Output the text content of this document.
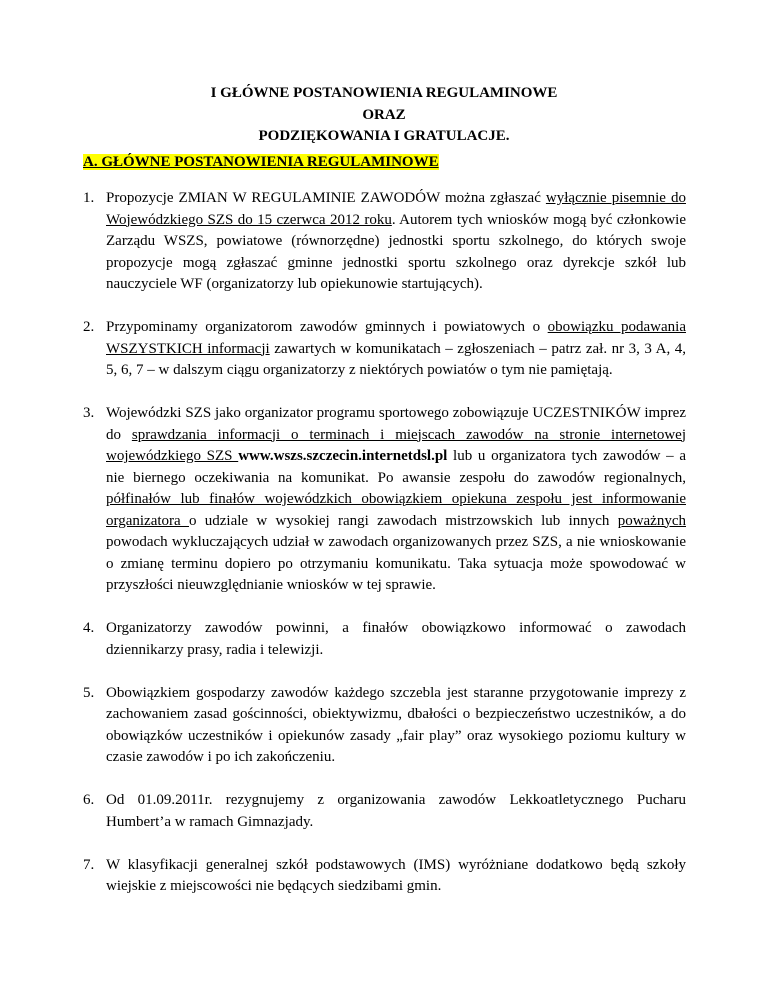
I GŁÓWNE POSTANOWIENIA REGULAMINOWE
ORAZ
PODZIĘKOWANIA I GRATULACJE.
A. GŁÓWNE POSTANOWIENIA REGULAMINOWE
1. Propozycje ZMIAN W REGULAMINIE ZAWODÓW można zgłaszać wyłącznie pisemnie do Wojewódzkiego SZS do 15 czerwca 2012 roku. Autorem tych wniosków mogą być członkowie Zarządu WSZS, powiatowe (równorzędne) jednostki sportu szkolnego, do których swoje propozycje mogą zgłaszać gminne jednostki sportu szkolnego oraz dyrekcje szkół lub nauczyciele WF (organizatorzy lub opiekunowie startujących).
2. Przypominamy organizatorom zawodów gminnych i powiatowych o obowiązku podawania WSZYSTKICH informacji zawartych w komunikatach – zgłoszeniach – patrz zał. nr 3, 3 A, 4, 5, 6, 7 – w dalszym ciągu organizatorzy z niektórych powiatów o tym nie pamiętają.
3. Wojewódzki SZS jako organizator programu sportowego zobowiązuje UCZESTNIKÓW imprez do sprawdzania informacji o terminach i miejscach zawodów na stronie internetowej wojewódzkiego SZS www.wszs.szczecin.internetdsl.pl lub u organizatora tych zawodów – a nie biernego oczekiwania na komunikat. Po awansie zespołu do zawodów regionalnych, półfinałów lub finałów wojewódzkich obowiązkiem opiekuna zespołu jest informowanie organizatora o udziale w wysokiej rangi zawodach mistrzowskich lub innych poważnych powodach wykluczających udział w zawodach organizowanych przez SZS, a nie wnioskowanie o zmianę terminu dopiero po otrzymaniu komunikatu. Taka sytuacja może spowodować w przyszłości nieuwzględnianie wniosków w tej sprawie.
4. Organizatorzy zawodów powinni, a finałów obowiązkowo informować o zawodach dziennikarzy prasy, radia i telewizji.
5. Obowiązkiem gospodarzy zawodów każdego szczebla jest staranne przygotowanie imprezy z zachowaniem zasad gościnności, obiektywizmu, dbałości o bezpieczeństwo uczestników, a do obowiązków uczestników i opiekunów zasady „fair play” oraz wysokiego poziomu kultury w czasie zawodów i po ich zakończeniu.
6. Od 01.09.2011r. rezygnujemy z organizowania zawodów Lekkoatletycznego Pucharu Humbert’a w ramach Gimnazjady.
7. W klasyfikacji generalnej szkół podstawowych (IMS) wyróżniane dodatkowo będą szkoły wiejskie z miejscowości nie będących siedzibami gmin.
